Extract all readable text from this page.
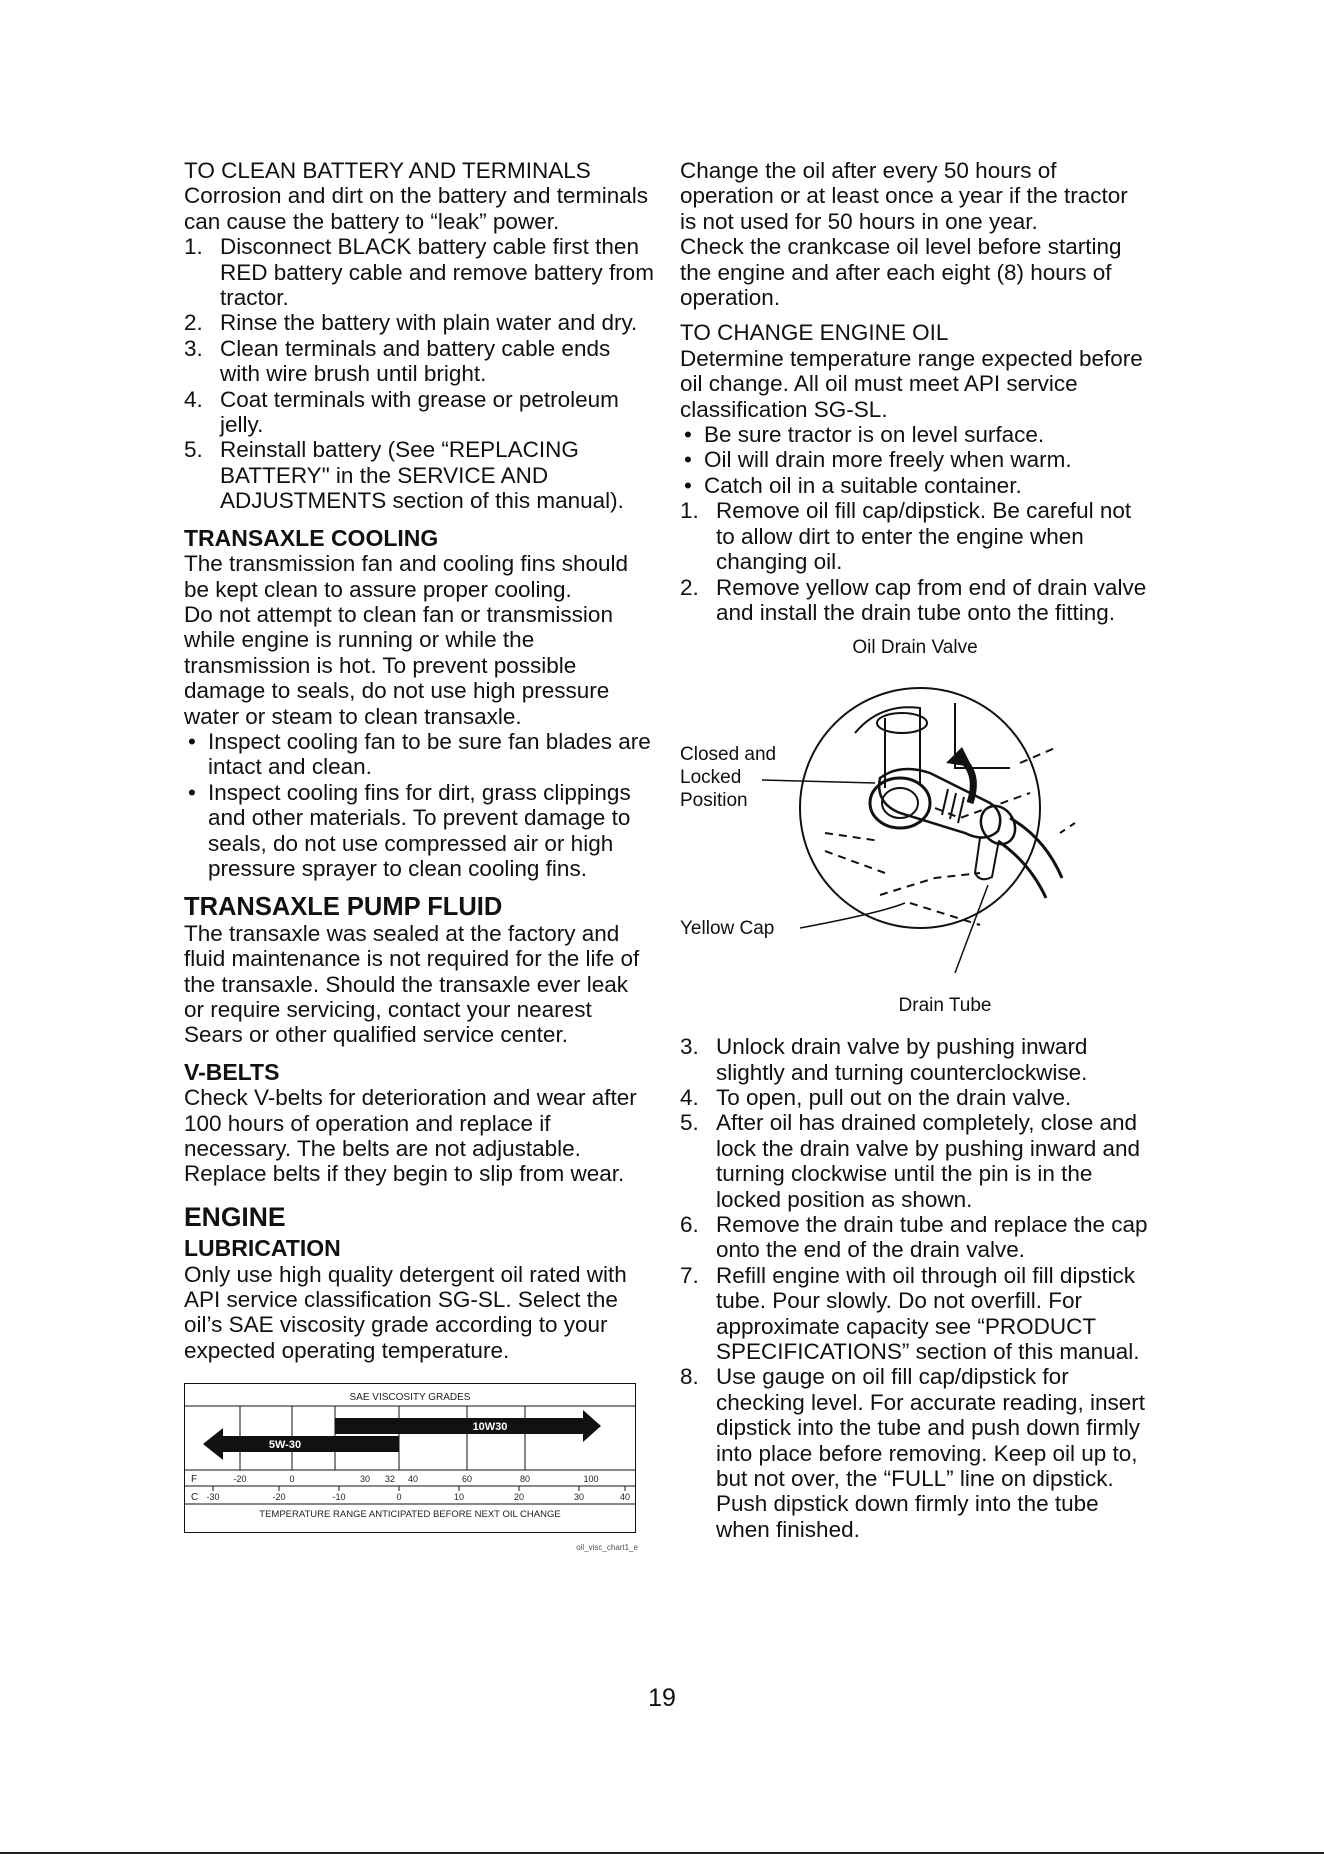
TO CLEAN BATTERY AND TERMINALS

Corrosion and dirt on the battery and terminals can cause the battery to “leak” power.

1. Disconnect BLACK battery cable first then RED battery cable and remove battery from tractor.
2. Rinse the battery with plain water and dry.
3. Clean terminals and battery cable ends with wire brush until bright.
4. Coat terminals with grease or petroleum jelly.
5. Reinstall battery (See “REPLACING BATTERY" in the SERVICE AND ADJUSTMENTS section of this manual).
TRANSAXLE COOLING

The transmission fan and cooling fins should be kept clean to assure proper cooling.

Do not attempt to clean fan or transmission while engine is running or while the transmission is hot. To prevent possible damage to seals, do not use high pressure water or steam to clean transaxle.

• Inspect cooling fan to be sure fan blades are intact and clean.
• Inspect cooling fins for dirt, grass clippings and other materials. To prevent damage to seals, do not use compressed air or high pressure sprayer to clean cooling fins.
TRANSAXLE PUMP FLUID

The transaxle was sealed at the factory and fluid maintenance is not required for the life of the transaxle. Should the transaxle ever leak or require servicing, contact your nearest Sears or other qualified service center.

V-BELTS

Check V-belts for deterioration and wear after 100 hours of operation and replace if necessary. The belts are not adjustable. Replace belts if they begin to slip from wear.

ENGINE
LUBRICATION

Only use high quality detergent oil rated with API service classification SG-SL. Select the oil’s SAE viscosity grade according to your expected operating temperature.

SAE VISCOSITY GRADES
10W30
5W-30
F	-20	0	30 32 40	60	80	100
C -30	-20	-10	0	10	20	30	40
TEMPERATURE RANGE ANTICIPATED BEFORE NEXT OIL CHANGE
oil_visc_chart1_e

Change the oil after every 50 hours of operation or at least once a year if the tractor is not used for 50 hours in one year.

Check the crankcase oil level before starting the engine and after each eight (8) hours of operation.

TO CHANGE ENGINE OIL

Determine temperature range expected before oil change. All oil must meet API service classification SG-SL.

• Be sure tractor is on level surface.
• Oil will drain more freely when warm.
• Catch oil in a suitable container.
1. Remove oil fill cap/dipstick. Be careful not to allow dirt to enter the engine when changing oil.
2. Remove yellow cap from end of drain valve and install the drain tube onto the fitting.
Oil Drain Valve
Closed and Locked Position
Yellow Cap
Drain Tube
3. Unlock drain valve by pushing inward slightly and turning counterclockwise.
4. To open, pull out on the drain valve.
5. After oil has drained completely, close and lock the drain valve by pushing inward and turning clockwise until the pin is in the locked position as shown.
6. Remove the drain tube and replace the cap onto the end of the drain valve.
7. Refill engine with oil through oil fill dipstick tube. Pour slowly. Do not overfill. For approximate capacity see “PRODUCT SPECIFICATIONS” section of this manual.
8. Use gauge on oil fill cap/dipstick for checking level. For accurate reading, insert dipstick into the tube and push down firmly into place before removing. Keep oil up to, but not over, the “FULL” line on dipstick. Push dipstick down firmly into the tube when finished.
19
